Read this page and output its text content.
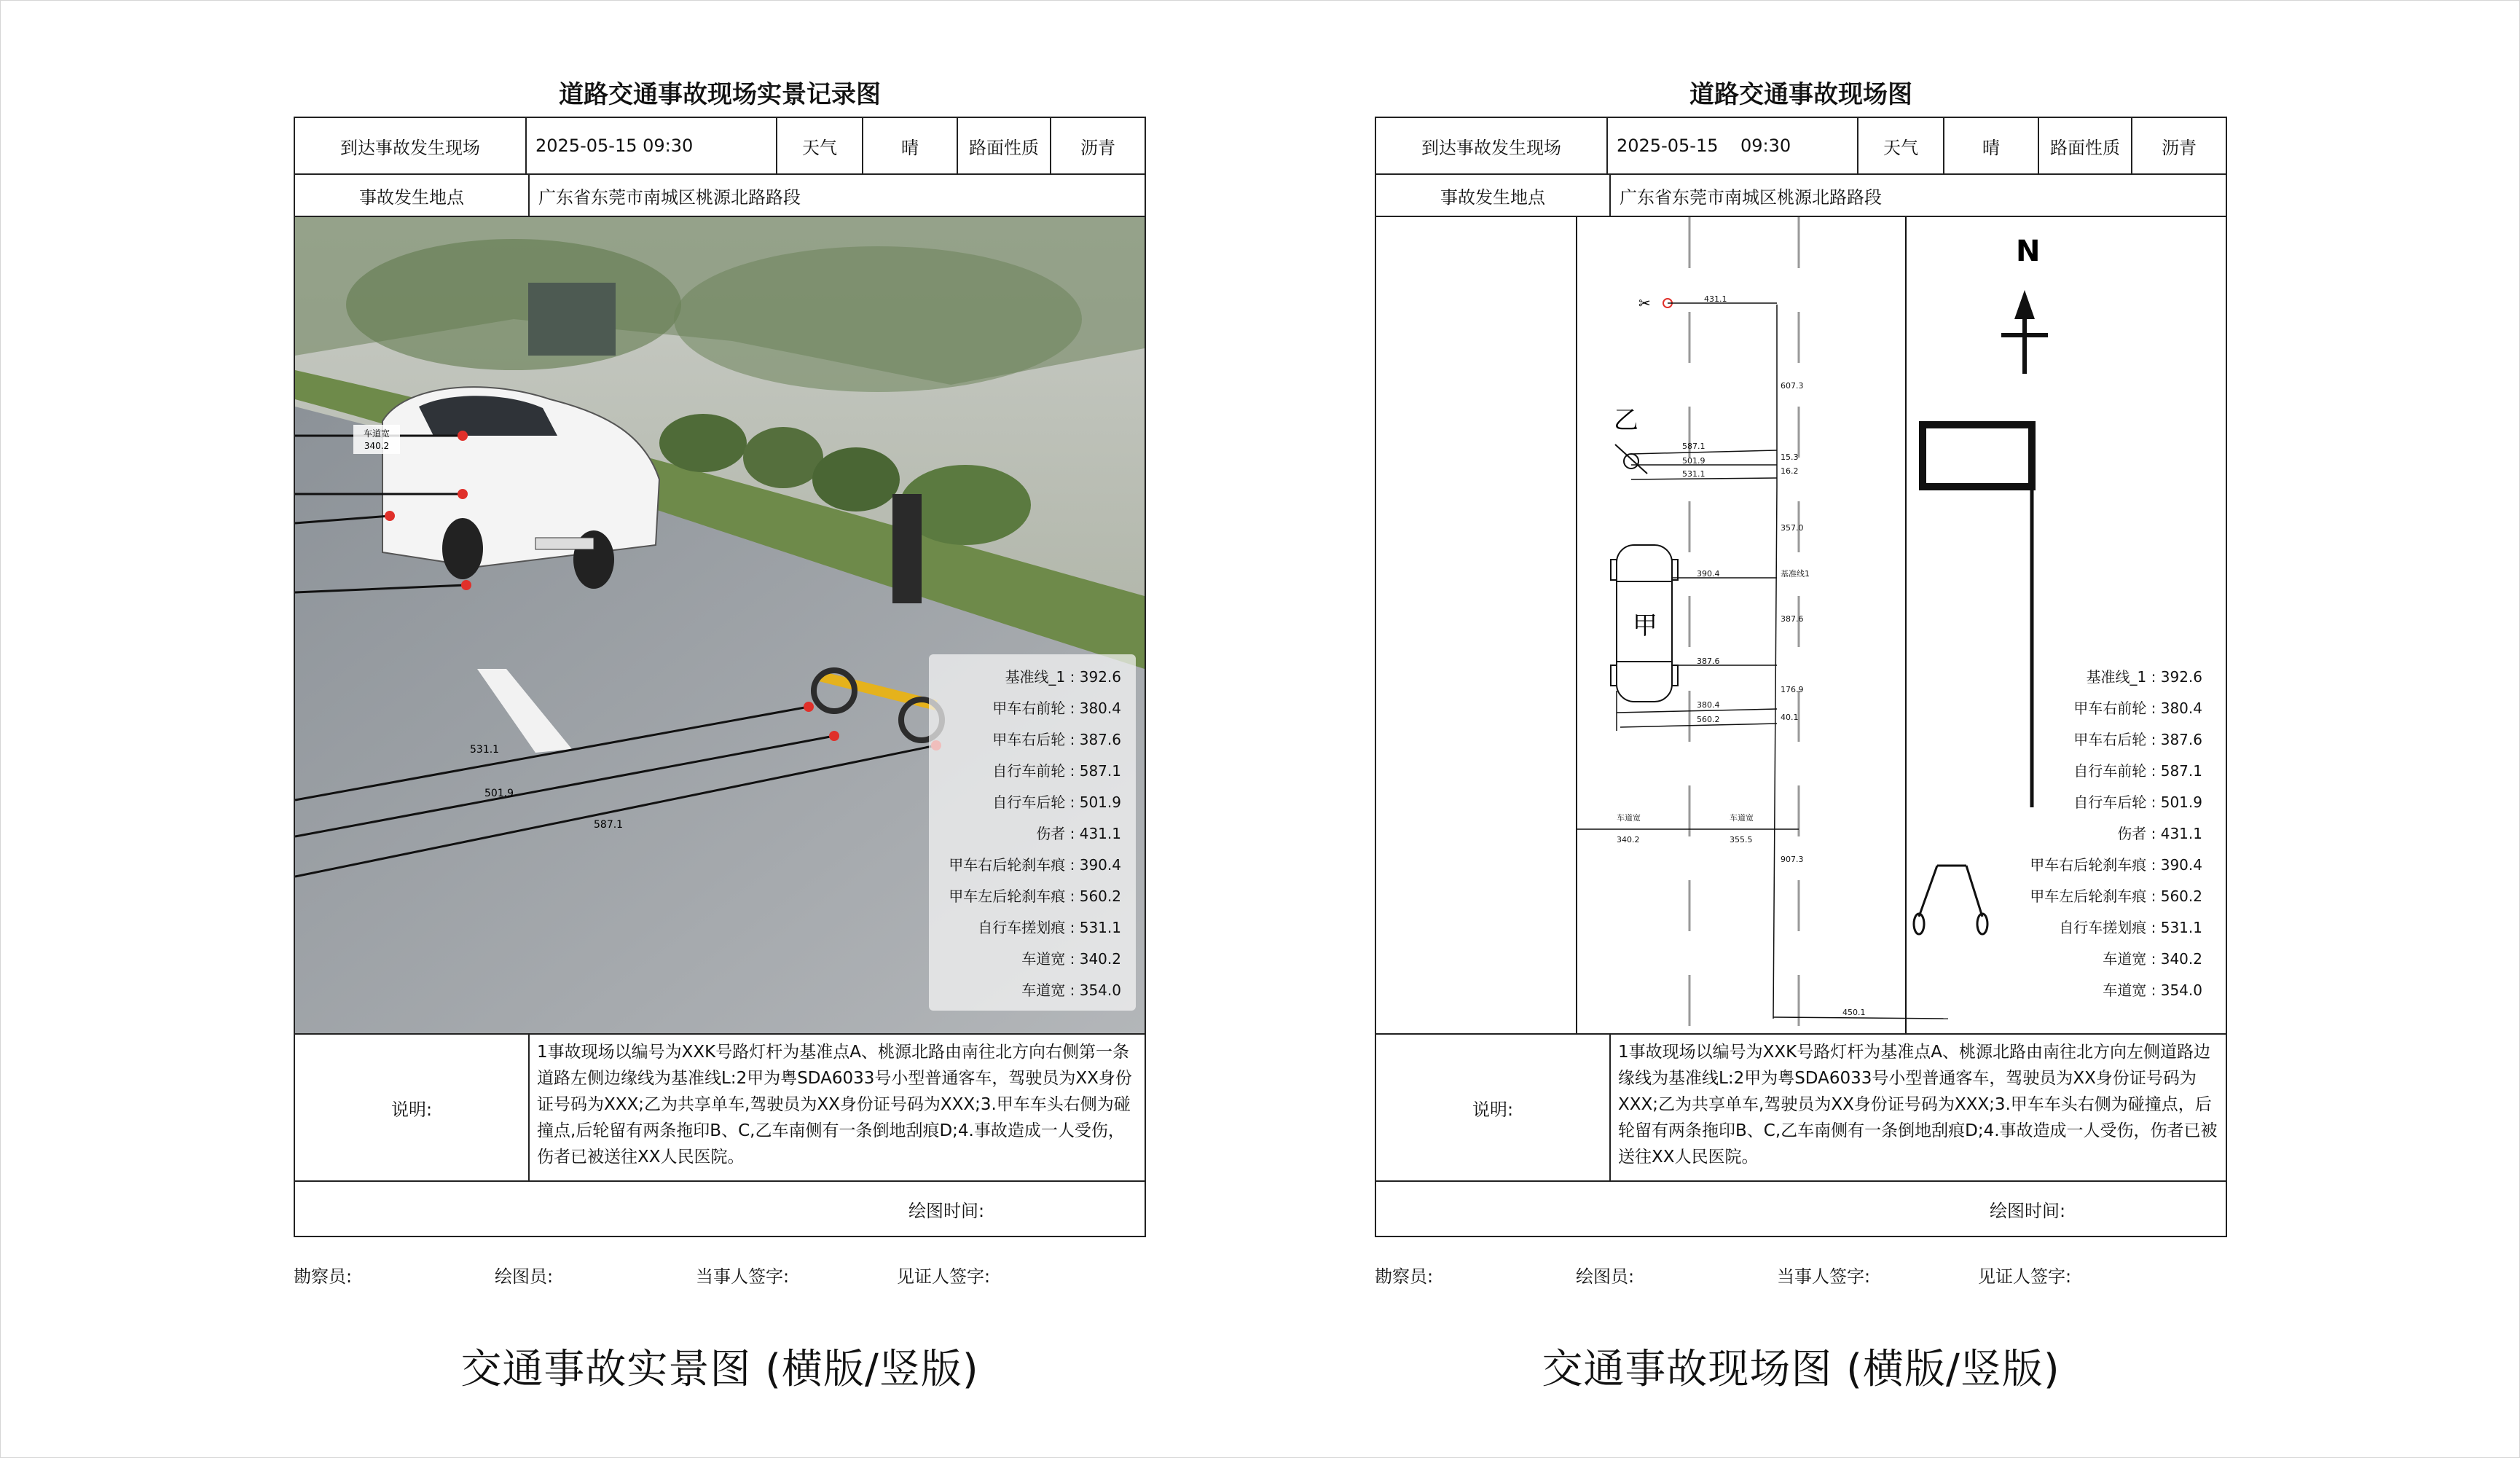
道路交通事故现场实景记录图
到达事故发生现场	2025-05-15 09:30	天气	晴	路面性质	沥青
事故发生地点	广东省东莞市南城区桃源北路路段
车道宽
340.2
531.1
501.9
587.1
基准线_1 : 392.6
甲车右前轮 : 380.4
甲车右后轮 : 387.6
自行车前轮 : 587.1
自行车后轮 : 501.9
伤者 : 431.1
甲车右后轮刹车痕 : 390.4
甲车左后轮刹车痕 : 560.2
自行车搓划痕 : 531.1
车道宽 : 340.2
车道宽 : 354.0
说明:
1事故现场以编号为XXK号路灯杆为基准点A、桃源北路由南往北方向右侧第一条道路左侧边缘线为基准线L:2甲为粤SDA6033号小型普通客车，驾驶员为XX身份证号码为XXX;乙为共享单车,驾驶员为XX身份证号码为XXX;3.甲车车头右侧为碰撞点,后轮留有两条拖印B、C,乙车南侧有一条倒地刮痕D;4.事故造成一人受伤，伤者已被送往XX人民医院。
绘图时间:
勘察员:	绘图员:	当事人签字:	见证人签字:
交通事故实景图 (横版/竖版)
道路交通事故现场图
到达事故发生现场	2025-05-15    09:30	天气	晴	路面性质	沥青
事故发生地点	广东省东莞市南城区桃源北路路段
N
甲
乙
✂	431.1
607.3
587.1
501.9	15.3
16.2
531.1
357.0
390.4	基准线1
387.6
387.6
176.9
380.4
40.1
560.2
车道宽
340.2
车道宽
355.5
907.3
450.1
基准线_1 : 392.6
甲车右前轮 : 380.4
甲车右后轮 : 387.6
自行车前轮 : 587.1
自行车后轮 : 501.9
伤者 : 431.1
甲车右后轮刹车痕 : 390.4
甲车左后轮刹车痕 : 560.2
自行车搓划痕 : 531.1
车道宽 : 340.2
车道宽 : 354.0
说明:
1事故现场以编号为XXK号路灯杆为基准点A、桃源北路由南往北方向左侧道路边缘线为基准线L:2甲为粤SDA6033号小型普通客车，驾驶员为XX身份证号码为XXX;乙为共享单车,驾驶员为XX身份证号码为XXX;3.甲车车头右侧为碰撞点，后轮留有两条拖印B、C,乙车南侧有一条倒地刮痕D;4.事故造成一人受伤，伤者已被送往XX人民医院。
绘图时间:
勘察员:	绘图员:	当事人签字:	见证人签字:
交通事故现场图 (横版/竖版)
